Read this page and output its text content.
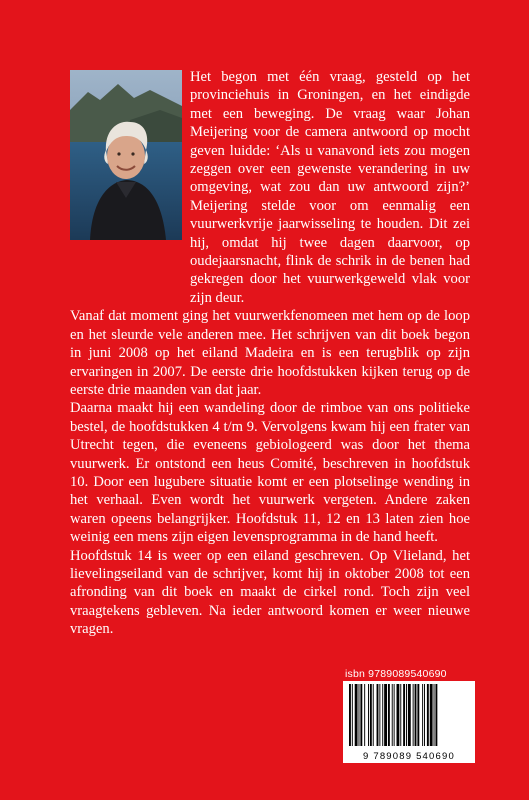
Het begon met één vraag, gesteld op het provinciehuis in Groningen, en het eindigde met een beweging. De vraag waar Johan Meijering voor de camera antwoord op mocht geven luidde: ‘Als u vanavond iets zou mogen zeggen over een gewenste verandering in uw omgeving, wat zou dan uw antwoord zijn?’ Meijering stelde voor om eenmalig een vuurwerkvrije jaarwisseling te houden. Dit zei hij, omdat hij twee dagen daarvoor, op oudejaarsnacht, flink de schrik in de benen had gekregen door het vuurwerkgeweld vlak voor zijn deur.

Vanaf dat moment ging het vuurwerkfenomeen met hem op de loop en het sleurde vele anderen mee. Het schrijven van dit boek begon in juni 2008 op het eiland Madeira en is een terugblik op zijn ervaringen in 2007. De eerste drie hoofdstukken kijken terug op de eerste drie maanden van dat jaar.

Daarna maakt hij een wandeling door de rimboe van ons politieke bestel, de hoofdstukken 4 t/m 9. Vervolgens kwam hij een frater van Utrecht tegen, die eveneens gebiologeerd was door het thema vuurwerk. Er ontstond een heus Comité, beschreven in hoofdstuk 10. Door een lugubere situatie komt er een plotselinge wending in het verhaal. Even wordt het vuurwerk vergeten. Andere zaken waren opeens belangrijker. Hoofdstuk 11, 12 en 13 laten zien hoe weinig een mens zijn eigen levensprogramma in de hand heeft.

Hoofdstuk 14 is weer op een eiland geschreven. Op Vlieland, het lievelingseiland van de schrijver, komt hij in oktober 2008 tot een afronding van dit boek en maakt de cirkel rond. Toch zijn veel vraagtekens gebleven. Na ieder antwoord komen er weer nieuwe vragen.

isbn 9789089540690
9 789089 540690
